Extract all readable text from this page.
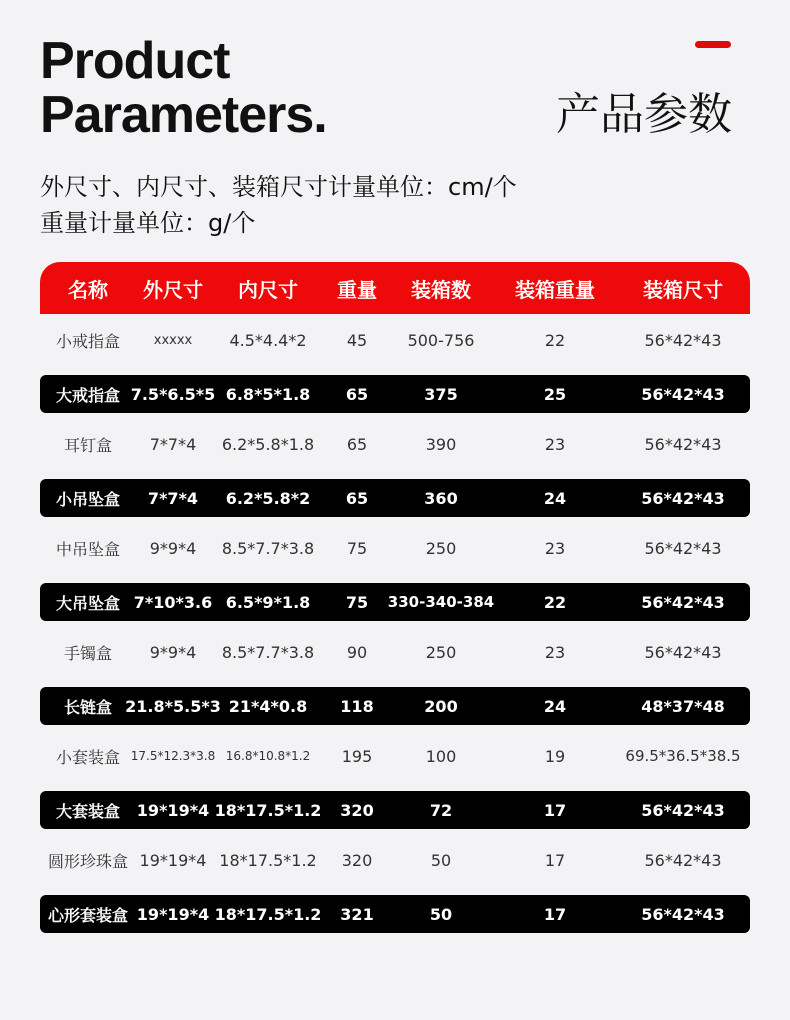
Product
Parameters.	产品参数
外尺寸、内尺寸、装箱尺寸计量单位：cm/个
重量计量单位：g/个
名称 外尺寸 内尺寸 重量 装箱数 装箱重量 装箱尺寸
小戒指盒	xxxxx 4.5*4.4*2	45	500-756	22	56*42*43
大戒指盒 7.5*6.5*5 6.8*5*1.8 65	375	25	56*42*43
耳钉盒 7*7*4 6.2*5.8*1.8 65	390	23	56*42*43
小吊坠盒 7*7*4 6.2*5.8*2 65	360	24	56*42*43
中吊坠盒 9*9*4 8.5*7.7*3.8 75	250	23	56*42*43
大吊坠盒 7*10*3.6 6.5*9*1.8 75 330-340-384	22	56*42*43
手镯盒 9*9*4 8.5*7.7*3.8 90	250	23	56*42*43
长链盒 21.8*5.5*3 21*4*0.8 118	200	24	48*37*48
小套装盒 17.5*12.3*3.8 16.8*10.8*1.2 195	100	19	69.5*36.5*38.5
大套装盒 19*19*4 18*17.5*1.2 320	72	17	56*42*43
圆形珍珠盒 19*19*4 18*17.5*1.2 320	50	17	56*42*43
心形套装盒 19*19*4 18*17.5*1.2 321	50	17	56*42*43
